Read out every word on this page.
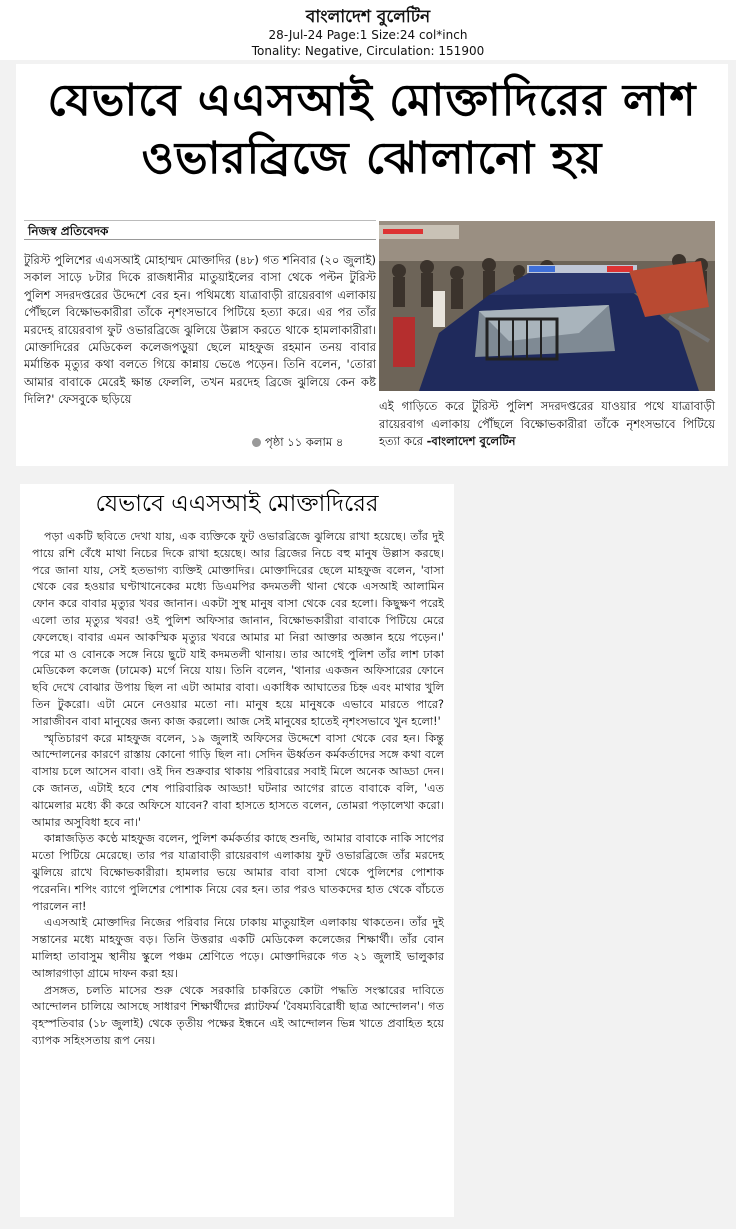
বাংলাদেশ বুলেটিন
28-Jul-24 Page:1 Size:24 col*inch
Tonality: Negative, Circulation: 151900
যেভাবে এএসআই মোক্তাদিরের লাশ ওভারব্রিজে ঝোলানো হয়
নিজস্ব প্রতিবেদক

টুরিস্ট পুলিশের এএসআই মোহাম্মদ মোক্তাদির (৪৮) গত শনিবার (২০ জুলাই) সকাল সাড়ে ৮টার দিকে রাজধানীর মাতুয়াইলের বাসা থেকে পল্টন টুরিস্ট পুলিশ সদরদপ্তরের উদ্দেশে বের হন। পথিমধ্যে যাত্রাবাড়ী রায়েরবাগ এলাকায় পৌঁছলে বিক্ষোভকারীরা তাঁকে নৃশংসভাবে পিটিয়ে হত্যা করে। এর পর তাঁর মরদেহ রায়েরবাগ ফুট ওভারব্রিজে ঝুলিয়ে উল্লাস করতে থাকে হামলাকারীরা। মোক্তাদিরের মেডিকেল কলেজপড়ুয়া ছেলে মাহফুজ রহমান তনয় বাবার মর্মান্তিক মৃত্যুর কথা বলতে গিয়ে কান্নায় ভেঙে পড়েন। তিনি বলেন, 'তোরা আমার বাবাকে মেরেই ক্ষান্ত ফেললি, তখন মরদেহ ব্রিজে ঝুলিয়ে কেন কষ্ট দিলি?' ফেসবুকে ছড়িয়ে

পৃষ্ঠা ১১ কলাম ৪

এই গাড়িতে করে টুরিস্ট পুলিশ সদরদপ্তরের যাওয়ার পথে যাত্রাবাড়ী রায়েরবাগ এলাকায় পৌঁছলে বিক্ষোভকারীরা তাঁকে নৃশংসভাবে পিটিয়ে হত্যা করে -বাংলাদেশ বুলেটিন

যেভাবে এএসআই মোক্তাদিরের

পড়া একটি ছবিতে দেখা যায়, এক ব্যক্তিকে ফুট ওভারব্রিজে ঝুলিয়ে রাখা হয়েছে। তাঁর দুই পায়ে রশি বেঁধে মাথা নিচের দিকে রাখা হয়েছে। আর ব্রিজের নিচে বহু মানুষ উল্লাস করছে। পরে জানা যায়, সেই হতভাগ্য ব্যক্তিই মোক্তাদির। মোক্তাদিরের ছেলে মাহফুজ বলেন, 'বাসা থেকে বের হওয়ার ঘণ্টাখানেকের মধ্যে ডিএমপির কদমতলী থানা থেকে এসআই আলামিন ফোন করে বাবার মৃত্যুর খবর জানান। একটা সুস্থ মানুষ বাসা থেকে বের হলো। কিছুক্ষণ পরেই এলো তার মৃত্যুর খবর! ওই পুলিশ অফিসার জানান, বিক্ষোভকারীরা বাবাকে পিটিয়ে মেরে ফেলেছে। বাবার এমন আকস্মিক মৃত্যুর খবরে আমার মা নিরা আক্তার অজ্ঞান হয়ে পড়েন।' পরে মা ও বোনকে সঙ্গে নিয়ে ছুটে যাই কদমতলী থানায়। তার আগেই পুলিশ তাঁর লাশ ঢাকা মেডিকেল কলেজ (ঢামেক) মর্গে নিয়ে যায়। তিনি বলেন, 'থানার একজন অফিসারের ফোনে ছবি দেখে বোঝার উপায় ছিল না এটা আমার বাবা। একাধিক আঘাতের চিহ্ন এবং মাথার খুলি তিন টুকরো। এটা মেনে নেওয়ার মতো না। মানুষ হয়ে মানুষকে এভাবে মারতে পারে? সারাজীবন বাবা মানুষের জন্য কাজ করলো। আজ সেই মানুষের হাতেই নৃশংসভাবে খুন হলো!'

স্মৃতিচারণ করে মাহফুজ বলেন, ১৯ জুলাই অফিসের উদ্দেশে বাসা থেকে বের হন। কিন্তু আন্দোলনের কারণে রাস্তায় কোনো গাড়ি ছিল না। সেদিন ঊর্ধ্বতন কর্মকর্তাদের সঙ্গে কথা বলে বাসায় চলে আসেন বাবা। ওই দিন শুক্রবার থাকায় পরিবারের সবাই মিলে অনেক আড্ডা দেন। কে জানত, এটাই হবে শেষ পারিবারিক আড্ডা! ঘটনার আগের রাতে বাবাকে বলি, 'এত ঝামেলার মধ্যে কী করে অফিসে যাবেন? বাবা হাসতে হাসতে বলেন, তোমরা পড়ালেখা করো। আমার অসুবিধা হবে না।'

কান্নাজড়িত কণ্ঠে মাহফুজ বলেন, পুলিশ কর্মকর্তার কাছে শুনছি, আমার বাবাকে নাকি সাপের মতো পিটিয়ে মেরেছে। তার পর যাত্রাবাড়ী রায়েরবাগ এলাকায় ফুট ওভারব্রিজে তাঁর মরদেহ ঝুলিয়ে রাখে বিক্ষোভকারীরা। হামলার ভয়ে আমার বাবা বাসা থেকে পুলিশের পোশাক পরেননি। শপিং ব্যাগে পুলিশের পোশাক নিয়ে বের হন। তার পরও ঘাতকদের হাত থেকে বাঁচতে পারলেন না!

এএসআই মোক্তাদির নিজের পরিবার নিয়ে ঢাকায় মাতুয়াইল এলাকায় থাকতেন। তাঁর দুই সন্তানের মধ্যে মাহফুজ বড়। তিনি উত্তরার একটি মেডিকেল কলেজের শিক্ষার্থী। তাঁর বোন মালিহা তাবাসুম স্থানীয় স্কুলে পঞ্চম শ্রেণিতে পড়ে। মোক্তাদিরকে গত ২১ জুলাই ভালুকার আঙ্গারগাড়া গ্রামে দাফন করা হয়।

প্রসঙ্গত, চলতি মাসের শুরু থেকে সরকারি চাকরিতে কোটা পদ্ধতি সংস্কারের দাবিতে আন্দোলন চালিয়ে আসছে সাধারণ শিক্ষার্থীদের প্ল্যাটফর্ম 'বৈষম্যবিরোধী ছাত্র আন্দোলন'। গত বৃহস্পতিবার (১৮ জুলাই) থেকে তৃতীয় পক্ষের ইন্ধনে এই আন্দোলন ভিন্ন খাতে প্রবাহিত হয়ে ব্যাপক সহিংসতায় রূপ নেয়।
